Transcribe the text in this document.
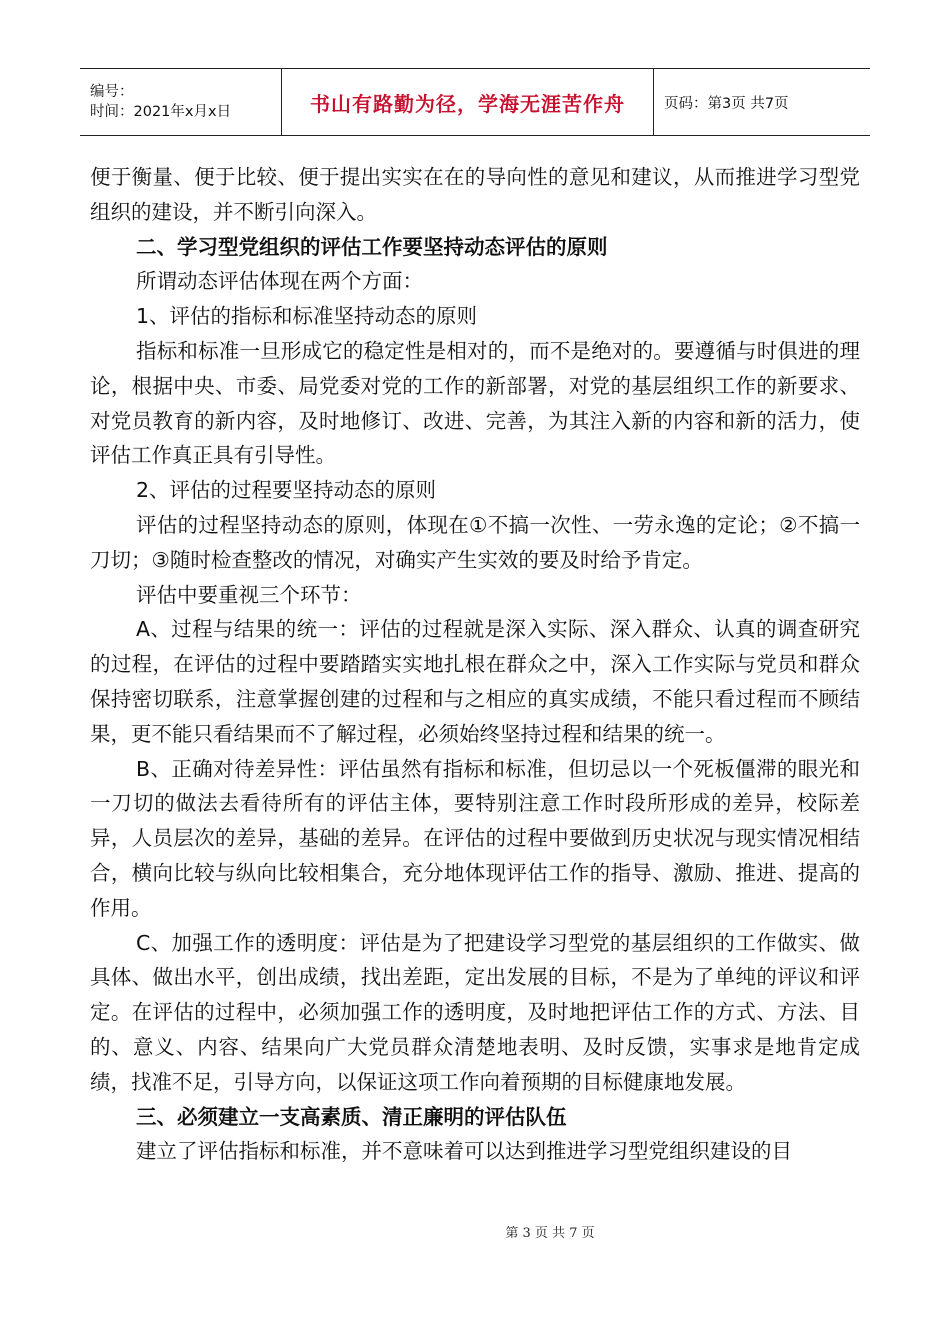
编号：
时间：2021年x月x日	书山有路勤为径，学海无涯苦作舟	页码：第3页 共7页

便于衡量、便于比较、便于提出实实在在的导向性的意见和建议，从而推进学习型党组织的建设，并不断引向深入。

二、学习型党组织的评估工作要坚持动态评估的原则

所谓动态评估体现在两个方面：

1、评估的指标和标准坚持动态的原则

指标和标准一旦形成它的稳定性是相对的，而不是绝对的。要遵循与时俱进的理论，根据中央、市委、局党委对党的工作的新部署，对党的基层组织工作的新要求、对党员教育的新内容，及时地修订、改进、完善，为其注入新的内容和新的活力，使评估工作真正具有引导性。

2、评估的过程要坚持动态的原则

评估的过程坚持动态的原则，体现在①不搞一次性、一劳永逸的定论；②不搞一刀切；③随时检查整改的情况，对确实产生实效的要及时给予肯定。

评估中要重视三个环节：

A、过程与结果的统一：评估的过程就是深入实际、深入群众、认真的调查研究的过程，在评估的过程中要踏踏实实地扎根在群众之中，深入工作实际与党员和群众保持密切联系，注意掌握创建的过程和与之相应的真实成绩，不能只看过程而不顾结果，更不能只看结果而不了解过程，必须始终坚持过程和结果的统一。

B、正确对待差异性：评估虽然有指标和标准，但切忌以一个死板僵滞的眼光和一刀切的做法去看待所有的评估主体，要特别注意工作时段所形成的差异，校际差异，人员层次的差异，基础的差异。在评估的过程中要做到历史状况与现实情况相结合，横向比较与纵向比较相集合，充分地体现评估工作的指导、激励、推进、提高的作用。

C、加强工作的透明度：评估是为了把建设学习型党的基层组织的工作做实、做具体、做出水平，创出成绩，找出差距，定出发展的目标，不是为了单纯的评议和评定。在评估的过程中，必须加强工作的透明度，及时地把评估工作的方式、方法、目的、意义、内容、结果向广大党员群众清楚地表明、及时反馈，实事求是地肯定成绩，找准不足，引导方向，以保证这项工作向着预期的目标健康地发展。

三、必须建立一支高素质、清正廉明的评估队伍

建立了评估指标和标准，并不意味着可以达到推进学习型党组织建设的目

第 3 页 共 7 页
